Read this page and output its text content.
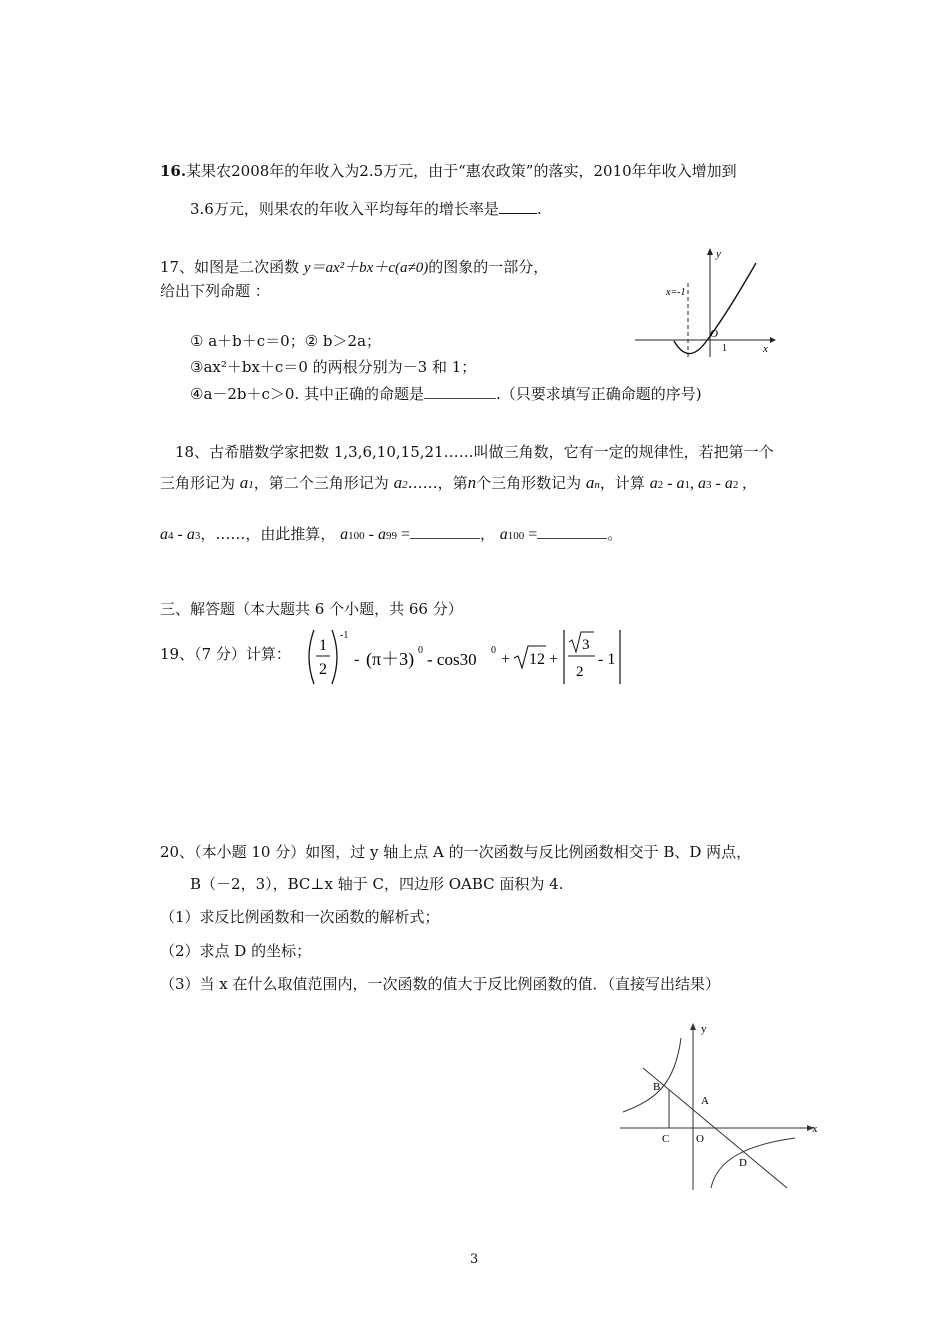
16.某果农2008年的年收入为2.5万元，由于“惠农政策”的落实，2010年年收入增加到
3.6万元，则果农的年收入平均每年的增长率是	.
17、如图是二次函数 y＝ax²＋bx＋c(a≠0)的图象的一部分，
给出下列命题 ：
① a＋b＋c＝0；② b＞2a；
③ax²＋bx＋c＝0 的两根分别为－3 和 1；
④a－2b＋c＞0. 其中正确的命题是	.（只要求填写正确命题的序号)
y
x
x=-1
O
1
18、古希腊数学家把数 1,3,6,10,15,21……叫做三角数，它有一定的规律性，若把第一个
三角形记为 a1，第二个三角形记为 a2……，第n个三角形数记为 an，计算 a2 - a1, a3 - a2 ,
a4 - a3，……，由此推算， a100 - a99 =	， a100 =	。
三、解答题（本大题共 6 个小题，共 66 分）
19、（7 分）计算： 1
2
-1
- (π＋3) 0 - cos30 0
+ 12 +
3
2
- 1
20、（本小题 10 分）如图，过 y 轴上点 A 的一次函数与反比例函数相交于 B、D 两点，
B（－2，3），BC⊥x 轴于 C，四边形 OABC 面积为 4.
（1）求反比例函数和一次函数的解析式；
（2）求点 D 的坐标；
（3）当 x 在什么取值范围内，一次函数的值大于反比例函数的值．（直接写出结果）
y
x
B
A
C O
D
3
